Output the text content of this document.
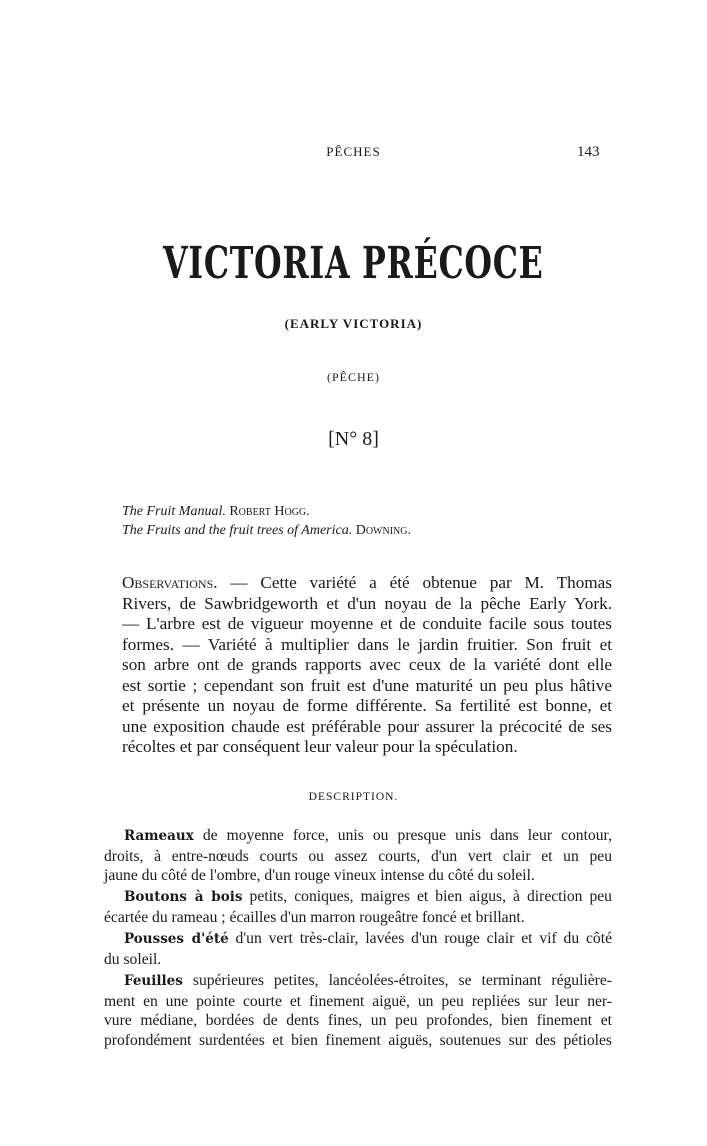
PÊCHES	143
VICTORIA PRÉCOCE
(EARLY VICTORIA)
(PÊCHE)
[N° 8]
The Fruit Manual. Robert Hogg.
The Fruits and the fruit trees of America. Downing.
Observations. — Cette variété a été obtenue par M. Thomas
Rivers, de Sawbridgeworth et d'un noyau de la pêche Early York.
— L'arbre est de vigueur moyenne et de conduite facile sous toutes
formes. — Variété à multiplier dans le jardin fruitier. Son fruit et
son arbre ont de grands rapports avec ceux de la variété dont elle
est sortie ; cependant son fruit est d'une maturité un peu plus hâtive
et présente un noyau de forme différente. Sa fertilité est bonne, et
une exposition chaude est préférable pour assurer la précocité de ses
récoltes et par conséquent leur valeur pour la spéculation.
DESCRIPTION.
Rameaux de moyenne force, unis ou presque unis dans leur contour,
droits, à entre-nœuds courts ou assez courts, d'un vert clair et un peu
jaune du côté de l'ombre, d'un rouge vineux intense du côté du soleil.
Boutons à bois petits, coniques, maigres et bien aigus, à direction peu
écartée du rameau ; écailles d'un marron rougeâtre foncé et brillant.
Pousses d'été d'un vert très-clair, lavées d'un rouge clair et vif du côté
du soleil.
Feuilles supérieures petites, lancéolées-étroites, se terminant régulière-
ment en une pointe courte et finement aiguë, un peu repliées sur leur ner-
vure médiane, bordées de dents fines, un peu profondes, bien finement et
profondément surdentées et bien finement aiguës, soutenues sur des pétioles
